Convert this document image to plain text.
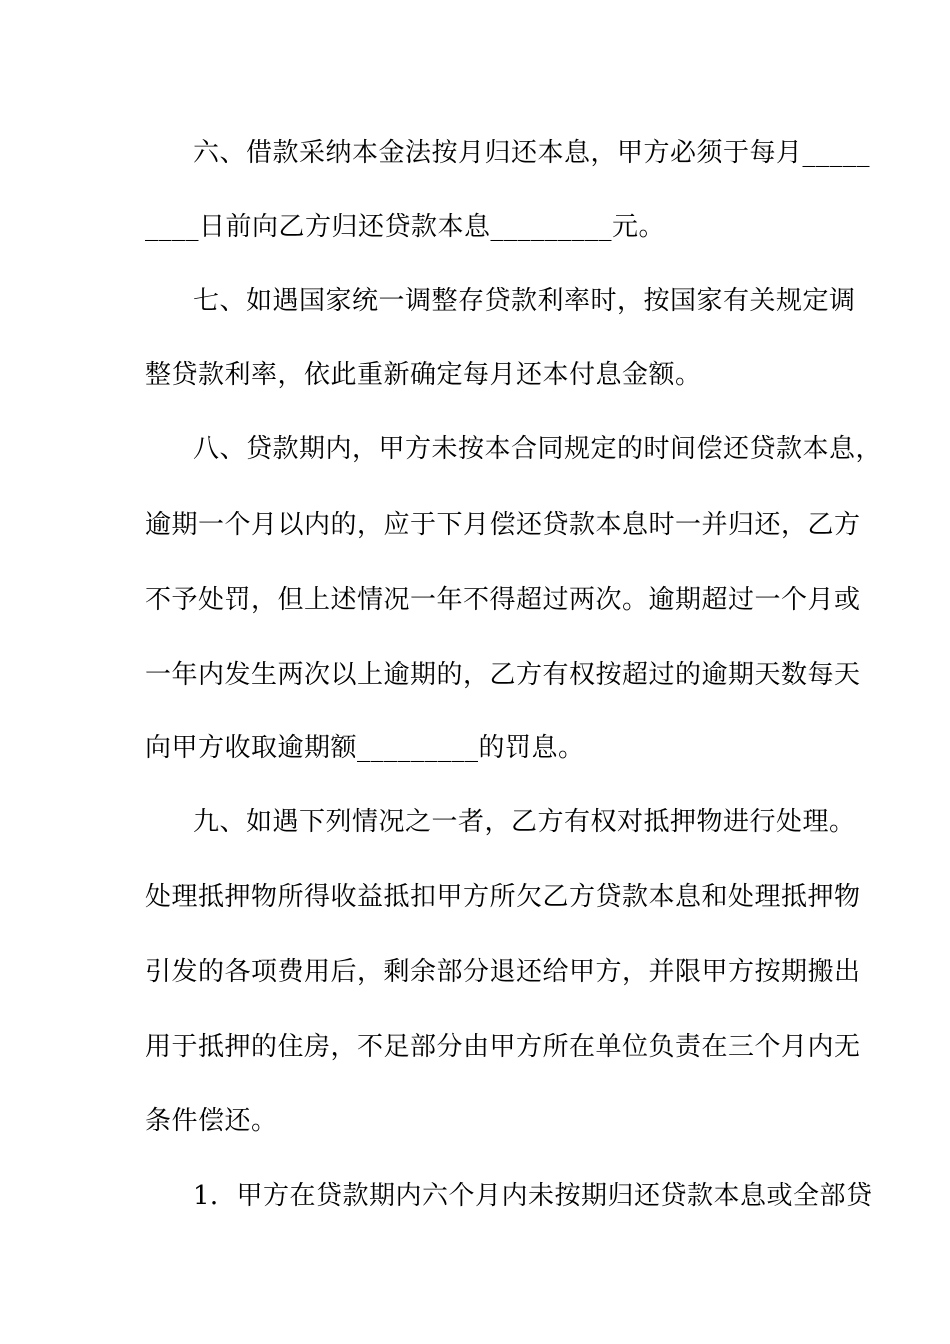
六、借款采纳本金法按月归还本息，甲方必须于每月_____
____日前向乙方归还贷款本息_________元。
七、如遇国家统一调整存贷款利率时，按国家有关规定调
整贷款利率，依此重新确定每月还本付息金额。
八、贷款期内，甲方未按本合同规定的时间偿还贷款本息，
逾期一个月以内的，应于下月偿还贷款本息时一并归还，乙方
不予处罚，但上述情况一年不得超过两次。逾期超过一个月或
一年内发生两次以上逾期的，乙方有权按超过的逾期天数每天
向甲方收取逾期额_________的罚息。
九、如遇下列情况之一者，乙方有权对抵押物进行处理。
处理抵押物所得收益抵扣甲方所欠乙方贷款本息和处理抵押物
引发的各项费用后，剩余部分退还给甲方，并限甲方按期搬出
用于抵押的住房，不足部分由甲方所在单位负责在三个月内无
条件偿还。
1．甲方在贷款期内六个月内未按期归还贷款本息或全部贷
